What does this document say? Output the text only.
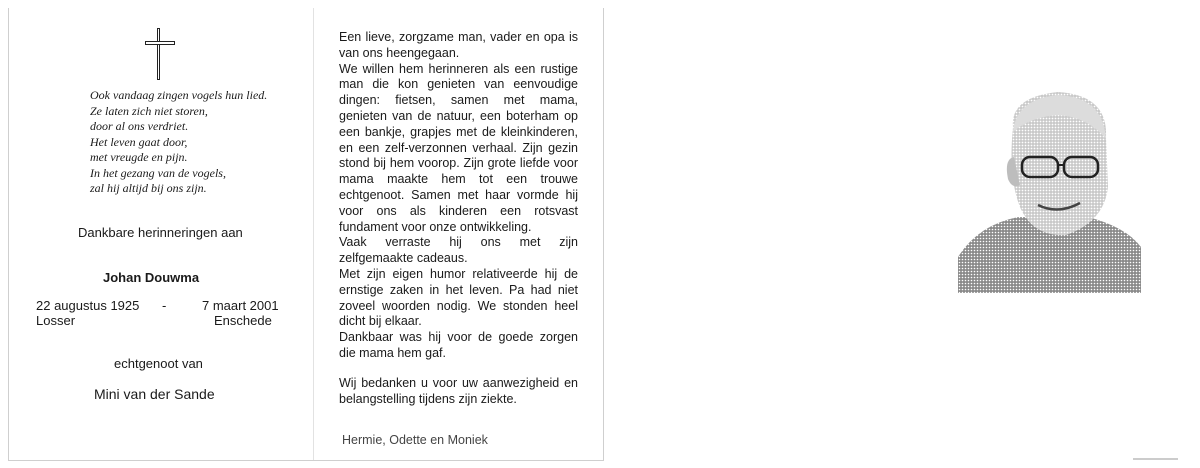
Ook vandaag zingen vogels hun lied.
Ze laten zich niet storen,
door al ons verdriet.
Het leven gaat door,
met vreugde en pijn.
In het gezang van de vogels,
zal hij altijd bij ons zijn.
Dankbare herinneringen aan
Johan Douwma
22 augustus 1925 -	7 maart 2001
Losser	Enschede
echtgenoot van
Mini van der Sande

Een lieve, zorgzame man, vader en opa is van ons heengegaan.

We willen hem herinneren als een rustige man die kon genieten van eenvoudige dingen: fietsen, samen met mama, genieten van de natuur, een boterham op een bankje, grapjes met de kleinkinderen, en een zelf-verzonnen verhaal. Zijn gezin stond bij hem voorop. Zijn grote liefde voor mama maakte hem tot een trouwe echtgenoot. Samen met haar vormde hij voor ons als kinderen een rotsvast fundament voor onze ontwikkeling.

Vaak verraste hij ons met zijn zelfgemaakte cadeaus.

Met zijn eigen humor relativeerde hij de ernstige zaken in het leven. Pa had niet zoveel woorden nodig. We stonden heel dicht bij elkaar.

Dankbaar was hij voor de goede zorgen die mama hem gaf.

Wij bedanken u voor uw aanwezigheid en belangstelling tijdens zijn ziekte.

Hermie, Odette en Moniek
